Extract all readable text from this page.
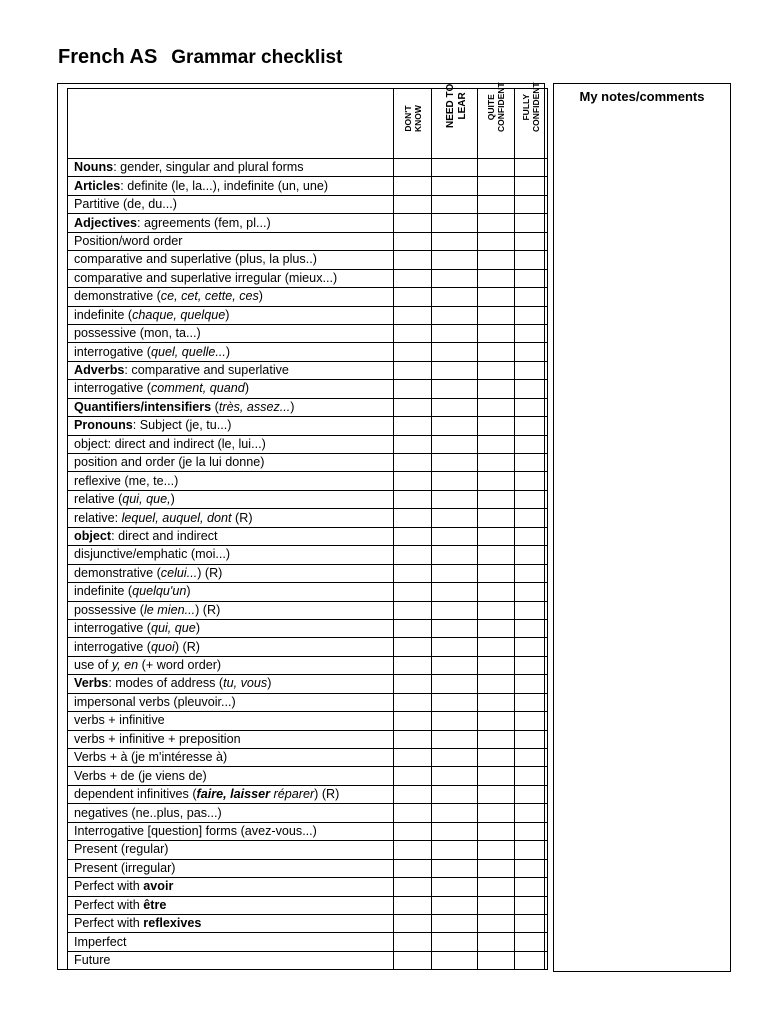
French AS Grammar checklist
My notes/comments

	DON'T KNOW	NEED TO LEAR	QUITE CONFIDENT	FULLY CONFIDENT

Nouns: gender, singular and plural forms				
Articles: definite (le, la...), indefinite (un, une)				
Partitive (de, du...)				
Adjectives: agreements (fem, pl...)				
Position/word order				
comparative and superlative (plus, la plus..)				
comparative and superlative irregular (mieux...)				
demonstrative (ce, cet, cette, ces)				
indefinite (chaque, quelque)				
possessive (mon, ta...)				
interrogative (quel, quelle...)				
Adverbs: comparative and superlative				
interrogative (comment, quand)				
Quantifiers/intensifiers (très, assez...)				
Pronouns: Subject (je, tu...)				
object: direct and indirect (le, lui...)				
position and order (je la lui donne)				
reflexive (me, te...)				
relative (qui, que,)				
relative: lequel, auquel, dont (R)				
object: direct and indirect				
disjunctive/emphatic (moi...)				
demonstrative (celui...) (R)				
indefinite (quelqu'un)				
possessive (le mien...) (R)				
interrogative (qui, que)				
interrogative (quoi) (R)				
use of y, en (+ word order)				
Verbs: modes of address (tu, vous)				
impersonal verbs (pleuvoir...)				
verbs + infinitive				
verbs + infinitive + preposition				
Verbs + à (je m'intéresse à)				
Verbs + de (je viens de)				
dependent infinitives (faire, laisser réparer) (R)				
negatives (ne..plus, pas...)				
Interrogative [question] forms (avez-vous...)				
Present (regular)				
Present (irregular)				
Perfect with avoir				
Perfect with être				
Perfect with reflexives				
Imperfect				
Future				
